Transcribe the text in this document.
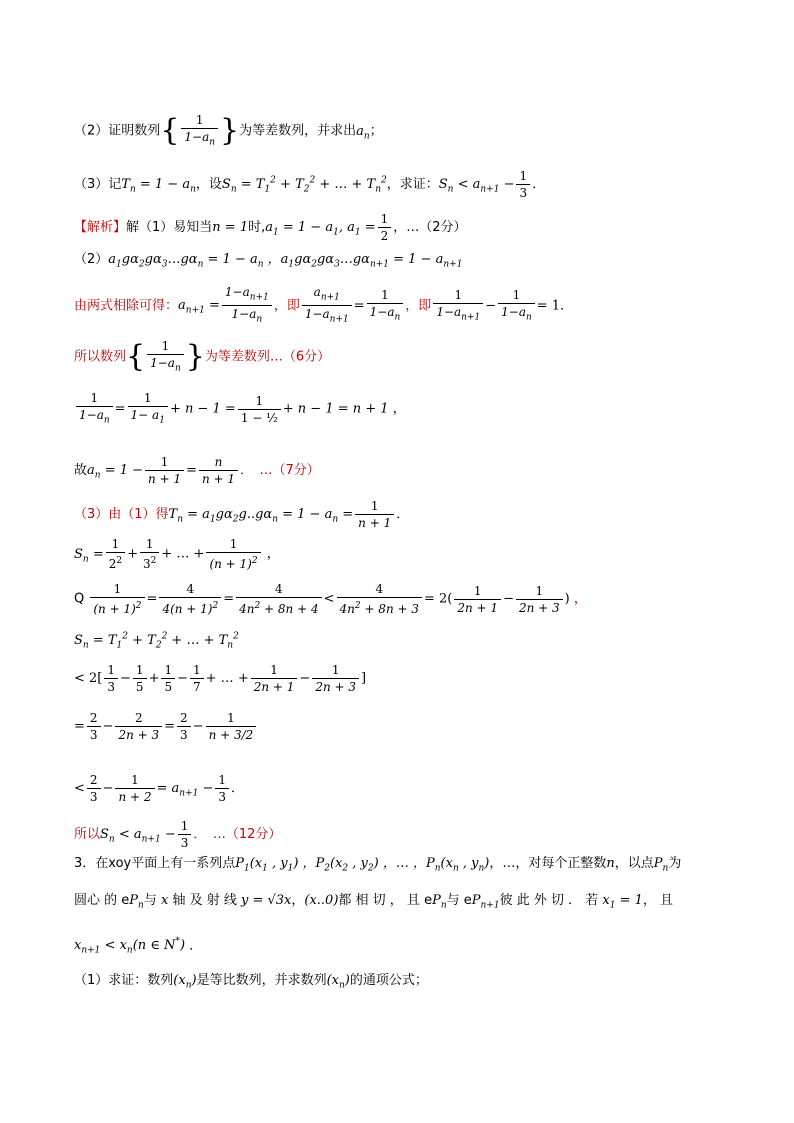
（2）证明数列{ $\frac{1}{1-a_n}$ }为等差数列，并求出$a_n$；
（3）记$T_n = 1 - a_n$，设$S_n = T_1^2 + T_2^2$ + … + $T_n^2$，求证：$S_n < a_{n+1} - \frac{1}{3}$ ．
【解析】解（1）易知当n = 1时$,a_1 = 1 - a_1$, $a_1 = \frac{1}{2}$ ，…（2分）
$(2)a_1g\alpha_2g\alpha_3\dots g\alpha_n = 1 - a_n$ ，$a_1g\alpha_2g\alpha_3\dots g\alpha_{n+1} = 1 - a_{n+1}$
由两式相除可得：$a_{n+1} = \frac{1-a_{n+1}}{1-a_n}$ ，即 $\frac{a_{n+1}}{1-a_{n+1}} = \frac{1}{1-a_n}$ ，即 $\frac{1}{1-a_{n+1}} - \frac{1}{1-a_n} = 1$．
所以数列{ $\frac{1}{1-a_n}$ }为等差数列…（6分）
$\frac{1}{1-a_n} = \frac{1}{1- a_1} + n - 1 = \frac{1}{\text{1 − ½}} + n - 1 = n + 1$ ，
故$a_n = 1 - \frac{1}{n + 1} = \frac{n}{n + 1}$ ．　…（7分）
（3）由（1）得$T_n = a_1g\alpha_2g..g\alpha_n = 1 - a_n = \frac{1}{n + 1}$ ．
$S_n = \frac{1}{2^2} + \frac{1}{3^2}$ + … + $\frac{1}{(n + 1)^2}$ ，
Q $\frac{1}{(n + 1)^2} = \frac{4}{4(n + 1)^2} = \frac{4}{4n^2 + 8n + 4} < \frac{4}{4n^2 + 8n + 3} = 2( \frac{1}{2n + 1} - \frac{1}{2n + 3}$ ) ，
$S_n = T_1^2 + T_2^2$ + … + $T_n^2$
< $2[ \frac{1}{3} - \frac{1}{5} + \frac{1}{5} - \frac{1}{7}$ + … + $\frac{1}{2n + 1} - \frac{1}{2n + 3}$ ]
= $\frac{2}{3} - \frac{2}{2n + 3} = \frac{2}{3} - \frac{1}{n + 3/2}$
< $\frac{2}{3} - \frac{1}{n + 2} = a_{n+1} - \frac{1}{3}$ ．
所以$S_n < a_{n+1} - \frac{1}{3}$ ．　…（12分）
3．在xoy平面上有一系列点$P_1(x_1$ , $y_1$) ，$P_2(x_2$ , $y_2$) ，… ，$P_n(x_n$ , $y_n$)，…，对每个正整数n，以点$P_n$为
圆心 的 $eP_n$与 x 轴 及 射 线 y = √3x，(x..0)都 相 切 ， 且 $eP_n$与 $eP_{n+1}$彼 此 外 切 ． 若 $x_1 = 1$， 且
$x_{n+1} < x_n(n$ ∈ N*) ．
（1）求证：数列$(x_n)$是等比数列，并求数列$(x_n)$的通项公式；
